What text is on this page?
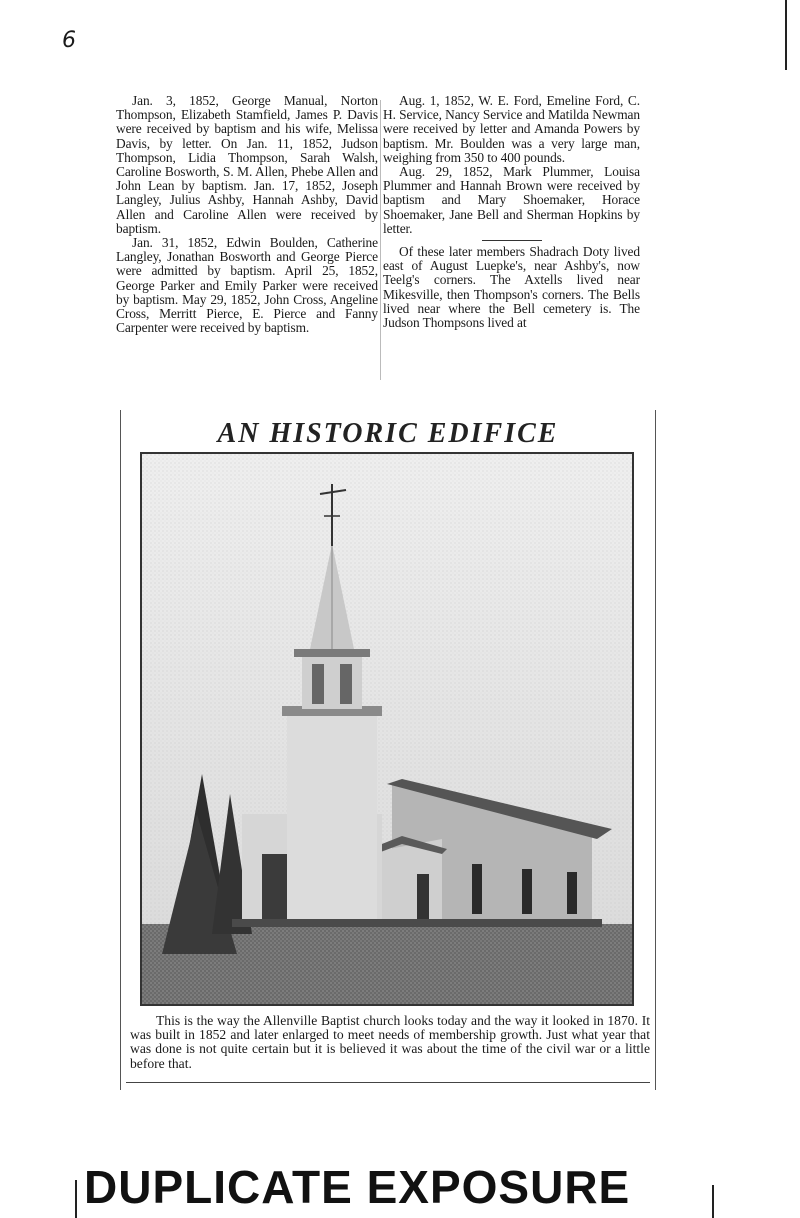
6

Jan. 3, 1852, George Manual, Norton Thompson, Elizabeth Stamfield, James P. Davis were received by baptism and his wife, Melissa Davis, by letter. On Jan. 11, 1852, Judson Thompson, Lidia Thompson, Sarah Walsh, Caroline Bosworth, S. M. Allen, Phebe Allen and John Lean by baptism. Jan. 17, 1852, Joseph Langley, Julius Ashby, Hannah Ashby, David Allen and Caroline Allen were received by baptism.

Jan. 31, 1852, Edwin Boulden, Catherine Langley, Jonathan Bosworth and George Pierce were admitted by baptism. April 25, 1852, George Parker and Emily Parker were received by baptism. May 29, 1852, John Cross, Angeline Cross, Merritt Pierce, E. Pierce and Fanny Carpenter were received by baptism.

Aug. 1, 1852, W. E. Ford, Emeline Ford, C. H. Service, Nancy Service and Matilda Newman were received by letter and Amanda Powers by baptism. Mr. Boulden was a very large man, weighing from 350 to 400 pounds.

Aug. 29, 1852, Mark Plummer, Louisa Plummer and Hannah Brown were received by baptism and Mary Shoemaker, Horace Shoemaker, Jane Bell and Sherman Hopkins by letter.

Of these later members Shadrach Doty lived east of August Luepke's, near Ashby's, now Teelg's corners. The Axtells lived near Mikesville, then Thompson's corners. The Bells lived near where the Bell cemetery is. The Judson Thompsons lived at

AN HISTORIC EDIFICE
This is the way the Allenville Baptist church looks today and the way it looked in 1870. It was built in 1852 and later enlarged to meet needs of membership growth. Just what year that was done is not quite certain but it is believed it was about the time of the civil war or a little before that.
DUPLICATE EXPOSURE
